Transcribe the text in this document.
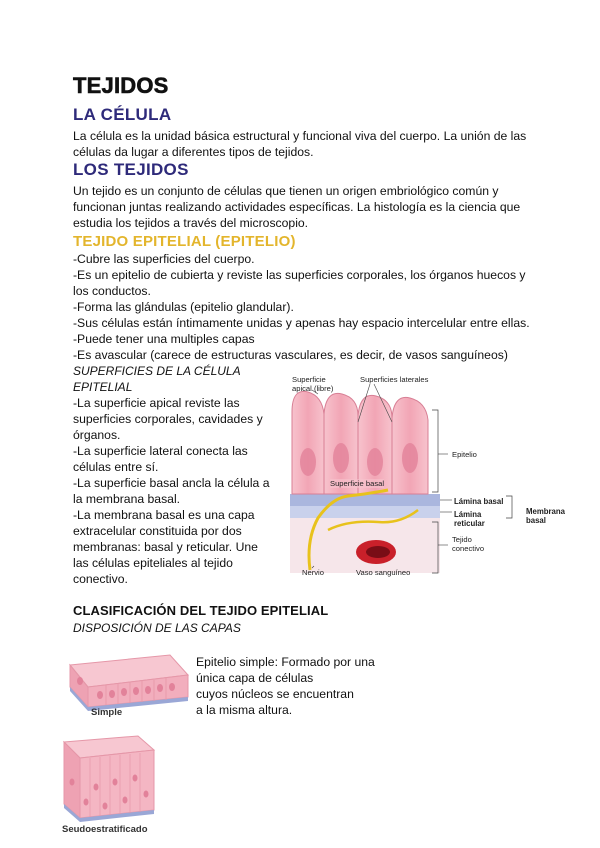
TEJIDOS
LA CÉLULA
La célula es la unidad básica estructural y funcional viva del cuerpo. La unión de las
células da lugar a diferentes tipos de tejidos.
LOS TEJIDOS
Un tejido es un conjunto de células que tienen un origen embriológico común y
funcionan juntas realizando actividades específicas. La histología es la ciencia que
estudia los tejidos a través del microscopio.
TEJIDO EPITELIAL (EPITELIO)
-Cubre las superficies del cuerpo.
-Es un epitelio de cubierta y reviste las superficies corporales, los órganos huecos y
los conductos.
-Forma las glándulas (epitelio glandular).
-Sus células están íntimamente unidas y apenas hay espacio intercelular entre ellas.
-Puede tener una multiples capas
-Es avascular (carece de estructuras vasculares, es decir, de vasos sanguíneos)
SUPERFICIES DE LA CÉLULA
EPITELIAL
-La superficie apical reviste las
superficies corporales, cavidades y
órganos.
-La superficie lateral conecta las
células entre sí.
-La superficie basal ancla la célula a
la membrana basal.
-La membrana basal es una capa
extracelular constituida por dos
membranas: basal y reticular. Une
las células epiteliales al tejido
conectivo.
Superficie
apical (libre)
Superficies laterales
Epitelio
Superficie basal
Lámina basal
Lámina
reticular
Membrana
basal
Tejido
conectivo
Nervio	Vaso sanguíneo
CLASIFICACIÓN DEL TEJIDO EPITELIAL
DISPOSICIÓN DE LAS CAPAS
Simple
Epitelio simple: Formado por una
única capa de células
cuyos núcleos se encuentran
a la misma altura.
Seudoestratificado
